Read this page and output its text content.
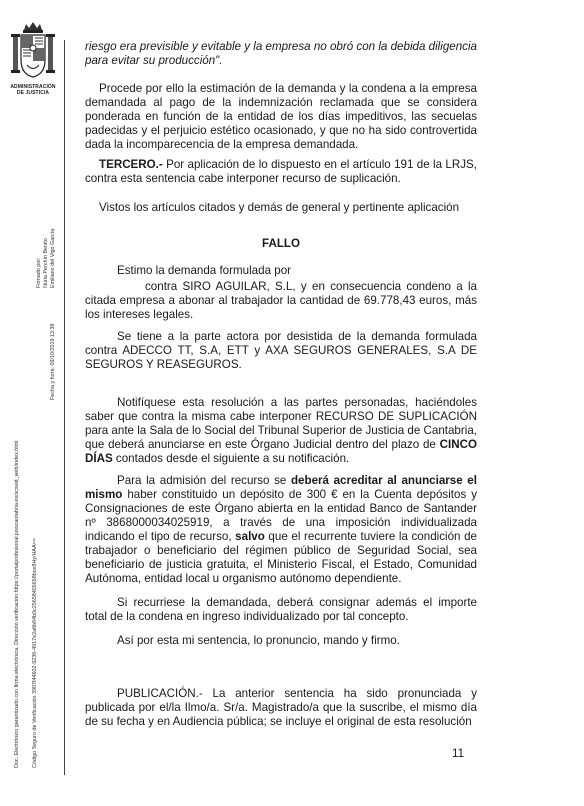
ADMINISTRACIÓN
DE JUSTICIA
Doc. Electrónico garantizado con firma electrónica. Dirección verificación:https://portalprofesional.jusscantabria.es/scsvid_web/index.html Código Seguro de Verificación 3907f44602-9236-4917e2a6b84b0c25658405658bce8Hy/HAA==
Firmado por: Nuria Perchín Benito Emiliano del Vigo García
Fecha y hora: 09/10/2019 13:38

riesgo era previsible y evitable y la empresa no obró con la debida diligencia para evitar su producción".

Procede por ello la estimación de la demanda y la condena a la empresa demandada al pago de la indemnización reclamada que se considera ponderada en función de la entidad de los días impeditivos, las secuelas padecidas y el perjuicio estético ocasionado, y que no ha sido controvertida dada la incomparecencia de la empresa demandada.

TERCERO.- Por aplicación de lo dispuesto en el artículo 191 de la LRJS, contra esta sentencia cabe interponer recurso de suplicación.

Vistos los artículos citados y demás de general y pertinente aplicación

FALLO

Estimo la demanda formulada por

contra SIRO AGUILAR, S.L, y en consecuencia condeno a la citada empresa a abonar al trabajador la cantidad de 69.778,43 euros, más los intereses legales.

Se tiene a la parte actora por desistida de la demanda formulada contra ADECCO TT, S.A, ETT y AXA SEGUROS GENERALES, S.A DE SEGUROS Y REASEGUROS.

Notifíquese esta resolución a las partes personadas, haciéndoles saber que contra la misma cabe interponer RECURSO DE SUPLICACIÓN para ante la Sala de lo Social del Tribunal Superior de Justicia de Cantabria, que deberá anunciarse en este Órgano Judicial dentro del plazo de CINCO DÍAS contados desde el siguiente a su notificación.

Para la admisión del recurso se deberá acreditar al anunciarse el mismo haber constituido un depósito de 300 € en la Cuenta depósitos y Consignaciones de este Órgano abierta en la entidad Banco de Santander nº 3868000034025919, a través de una imposición individualizada indicando el tipo de recurso, salvo que el recurrente tuviere la condición de trabajador o beneficiario del régimen público de Seguridad Social, sea beneficiario de justicia gratuita, el Ministerio Fiscal, el Estado, Comunidad Autónoma, entidad local u organismo autónomo dependiente.

Si recurriese la demandada, deberá consignar además el importe total de la condena en ingreso individualizado por tal concepto.

Así por esta mi sentencia, lo pronuncio, mando y firmo.

PUBLICACIÓN.- La anterior sentencia ha sido pronunciada y publicada por el/la Ilmo/a. Sr/a. Magistrado/a que la suscribe, el mismo día de su fecha y en Audiencia pública; se incluye el original de esta resolución

11
